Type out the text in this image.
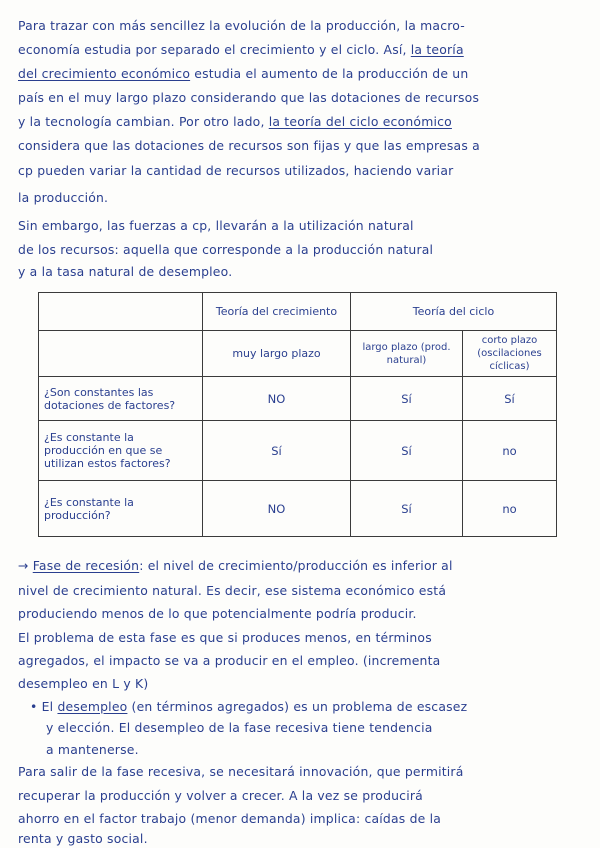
Para trazar con más sencillez la evolución de la producción, la macro-
economía estudia por separado el crecimiento y el ciclo. Así, la teoría
del crecimiento económico estudia el aumento de la producción de un
país en el muy largo plazo considerando que las dotaciones de recursos
y la tecnología cambian. Por otro lado, la teoría del ciclo económico
considera que las dotaciones de recursos son fijas y que las empresas a
cp pueden variar la cantidad de recursos utilizados, haciendo variar
la producción.
Sin embargo, las fuerzas a cp, llevarán a la utilización natural
de los recursos: aquella que corresponde a la producción natural
y a la tasa natural de desempleo.
	Teoría del crecimiento	Teoría del ciclo	
	muy largo plazo	largo plazo (prod. natural)	corto plazo (oscilaciones cíclicas)
¿Son constantes las dotaciones de factores?	NO	Sí	Sí
¿Es constante la producción en que se utilizan estos factores?	Sí	Sí	no
¿Es constante la producción?	NO	Sí	no
→ Fase de recesión: el nivel de crecimiento/producción es inferior al
nivel de crecimiento natural. Es decir, ese sistema económico está
produciendo menos de lo que potencialmente podría producir.
El problema de esta fase es que si produces menos, en términos
agregados, el impacto se va a producir en el empleo. (incrementa
desempleo en L y K)
• El desempleo (en términos agregados) es un problema de escasez
y elección. El desempleo de la fase recesiva tiene tendencia
a mantenerse.
Para salir de la fase recesiva, se necesitará innovación, que permitirá
recuperar la producción y volver a crecer. A la vez se producirá
ahorro en el factor trabajo (menor demanda) implica: caídas de la
renta y gasto social.
